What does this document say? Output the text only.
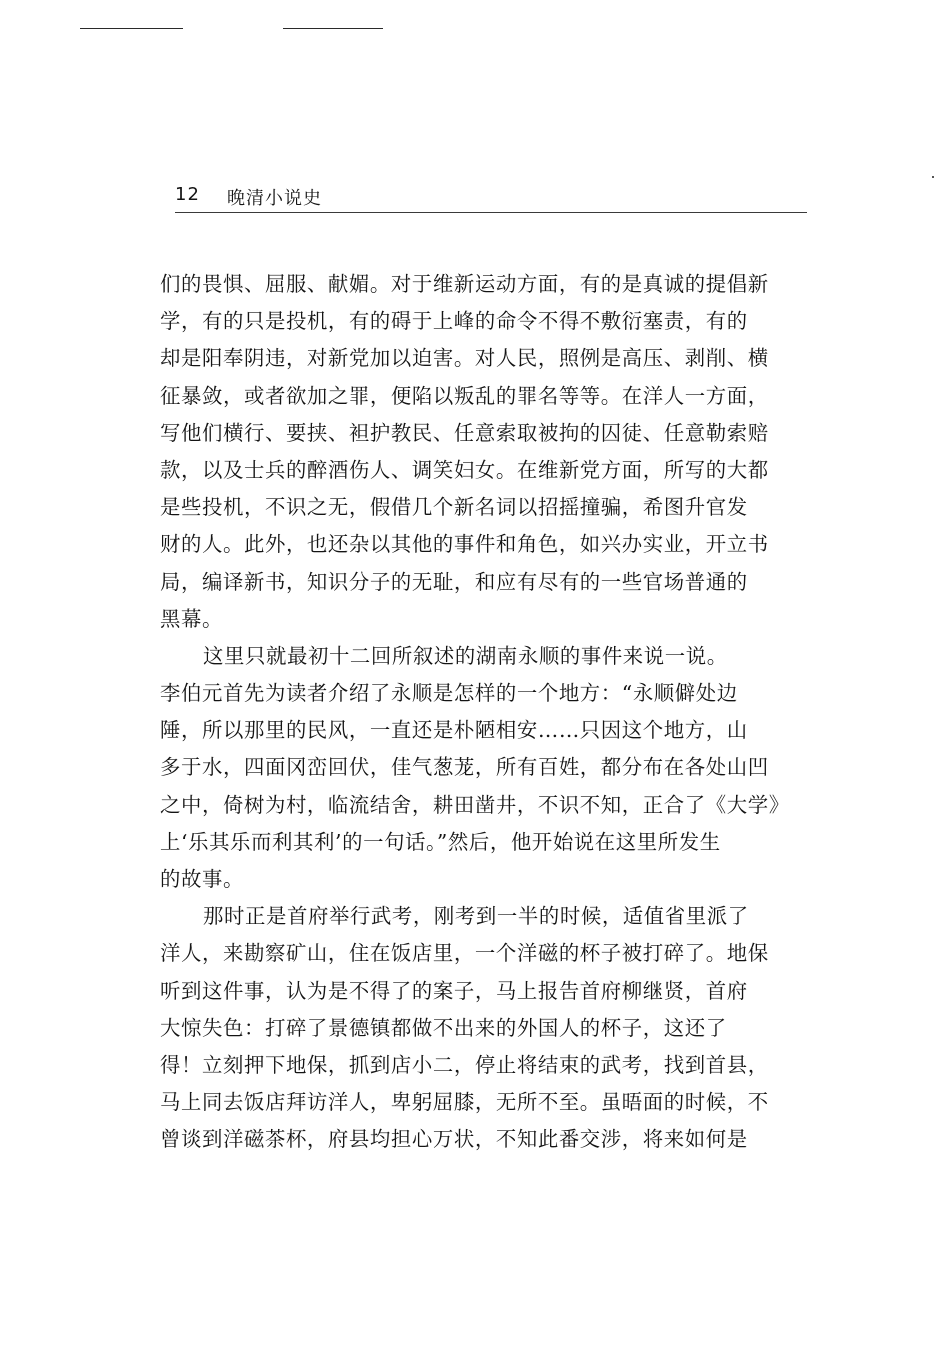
12 晚清小说史
们的畏惧、屈服、献媚。对于维新运动方面，有的是真诚的提倡新
学，有的只是投机，有的碍于上峰的命令不得不敷衍塞责，有的
却是阳奉阴违，对新党加以迫害。对人民，照例是高压、剥削、横
征暴敛，或者欲加之罪，便陷以叛乱的罪名等等。在洋人一方面，
写他们横行、要挟、袒护教民、任意索取被拘的囚徒、任意勒索赔
款，以及士兵的醉酒伤人、调笑妇女。在维新党方面，所写的大都
是些投机，不识之无，假借几个新名词以招摇撞骗，希图升官发
财的人。此外，也还杂以其他的事件和角色，如兴办实业，开立书
局，编译新书，知识分子的无耻，和应有尽有的一些官场普通的
黑幕。
这里只就最初十二回所叙述的湖南永顺的事件来说一说。
李伯元首先为读者介绍了永顺是怎样的一个地方：“永顺僻处边
陲，所以那里的民风，一直还是朴陋相安……只因这个地方，山
多于水，四面冈峦回伏，佳气葱茏，所有百姓，都分布在各处山凹
之中，倚树为村，临流结舍，耕田凿井，不识不知，正合了《大学》
上‘乐其乐而利其利’的一句话。”然后，他开始说在这里所发生
的故事。
那时正是首府举行武考，刚考到一半的时候，适值省里派了
洋人，来勘察矿山，住在饭店里，一个洋磁的杯子被打碎了。地保
听到这件事，认为是不得了的案子，马上报告首府柳继贤，首府
大惊失色：打碎了景德镇都做不出来的外国人的杯子，这还了
得！立刻押下地保，抓到店小二，停止将结束的武考，找到首县，
马上同去饭店拜访洋人，卑躬屈膝，无所不至。虽晤面的时候，不
曾谈到洋磁茶杯，府县均担心万状，不知此番交涉，将来如何是
